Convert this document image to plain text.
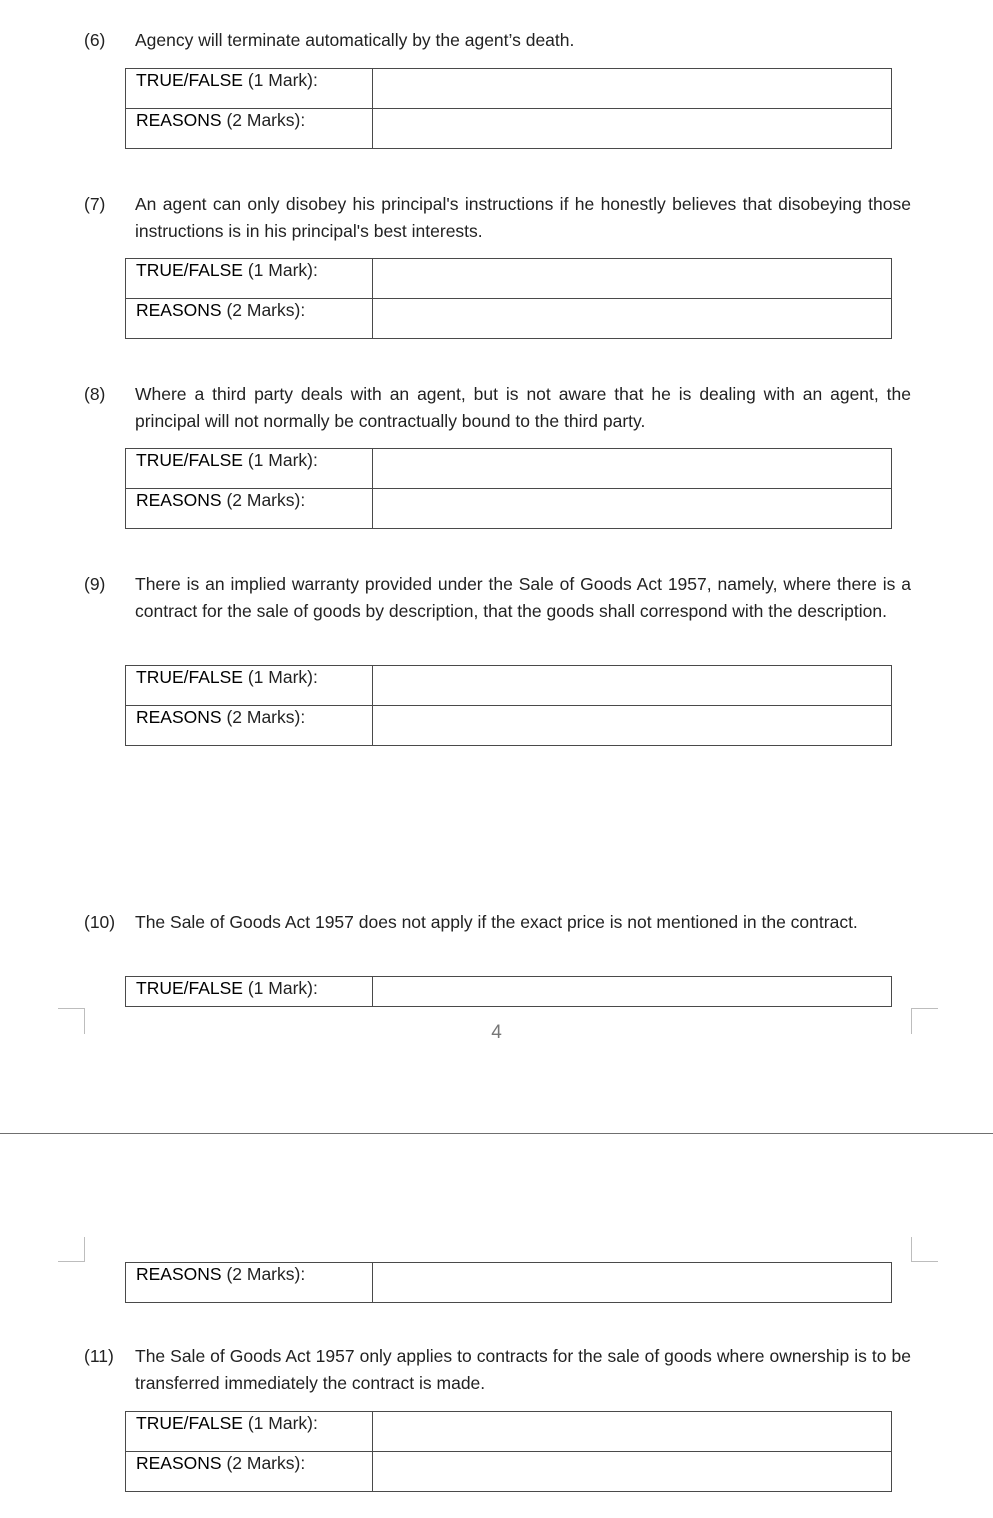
(6) Agency will terminate automatically by the agent’s death.
TRUE/FALSE (1 Mark):	
REASONS (2 Marks):	
(7) An agent can only disobey his principal's instructions if he honestly believes that disobeying those instructions is in his principal's best interests.
TRUE/FALSE (1 Mark):	
REASONS (2 Marks):	
(8) Where a third party deals with an agent, but is not aware that he is dealing with an agent, the principal will not normally be contractually bound to the third party.
TRUE/FALSE (1 Mark):	
REASONS (2 Marks):	
(9) There is an implied warranty provided under the Sale of Goods Act 1957, namely, where there is a contract for the sale of goods by description, that the goods shall correspond with the description.
TRUE/FALSE (1 Mark):	
REASONS (2 Marks):	
(10) The Sale of Goods Act 1957 does not apply if the exact price is not mentioned in the contract.
TRUE/FALSE (1 Mark):	
4
REASONS (2 Marks):	
(11) The Sale of Goods Act 1957 only applies to contracts for the sale of goods where ownership is to be transferred immediately the contract is made.
TRUE/FALSE (1 Mark):	
REASONS (2 Marks):	
